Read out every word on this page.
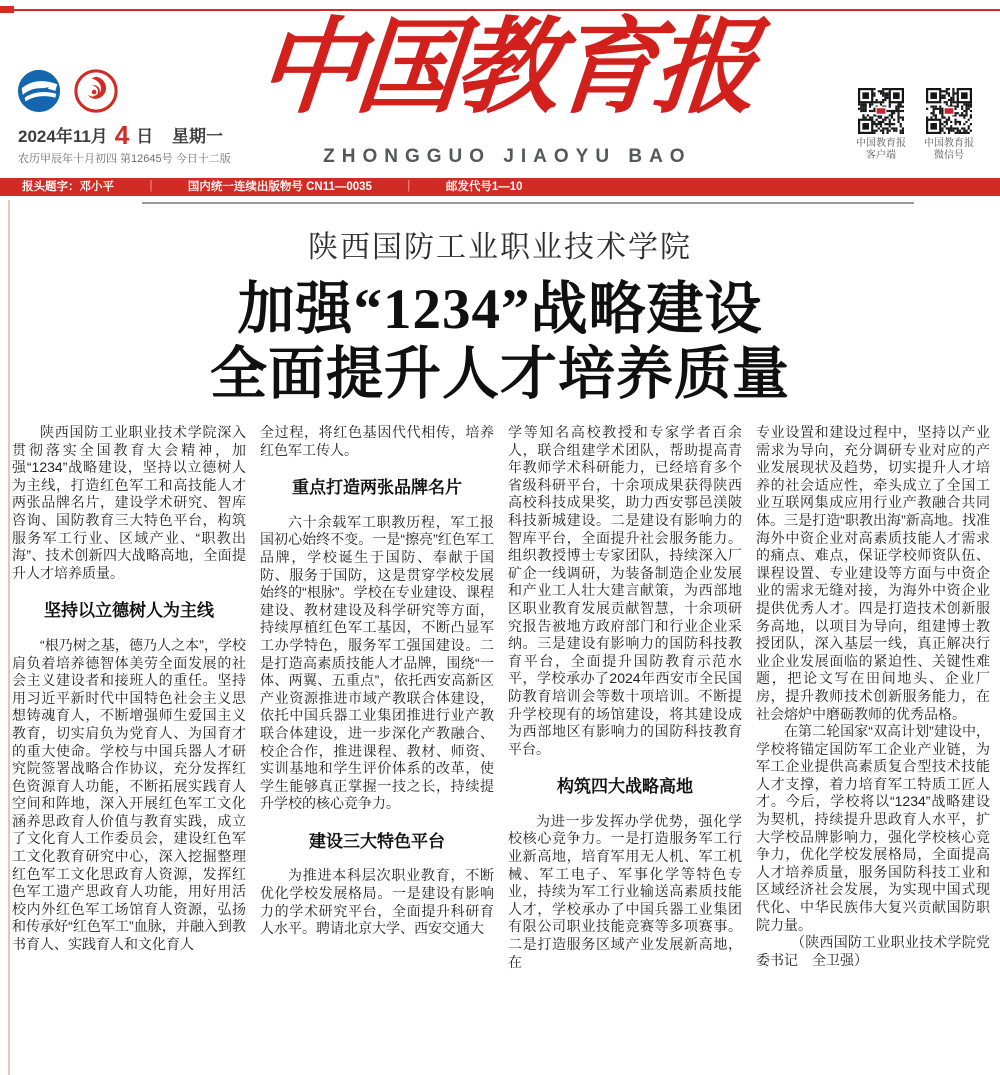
2024年11月 4 日 星期一
农历甲辰年十月初四 第12645号 今日十二版
中国教育报
ZHONGGUO JIAOYU BAO
中国教育报
客户端
中国教育报
微信号
报头题字：邓小平	｜	国内统一连续出版物号 CN11—0035	｜	邮发代号1—10
陕西国防工业职业技术学院
加强“1234”战略建设
全面提升人才培养质量
陕西国防工业职业技术学院深入贯彻落实全国教育大会精神，加强“1234”战略建设，坚持以立德树人为主线，打造红色军工和高技能人才两张品牌名片，建设学术研究、智库咨询、国防教育三大特色平台，构筑服务军工行业、区域产业、“职教出海”、技术创新四大战略高地，全面提升人才培养质量。
坚持以立德树人为主线
“根乃树之基，德乃人之本”，学校肩负着培养德智体美劳全面发展的社会主义建设者和接班人的重任。坚持用习近平新时代中国特色社会主义思想铸魂育人，不断增强师生爱国主义教育，切实肩负为党育人、为国育才的重大使命。学校与中国兵器人才研究院签署战略合作协议，充分发挥红色资源育人功能，不断拓展实践育人空间和阵地，深入开展红色军工文化涵养思政育人价值与教育实践，成立了文化育人工作委员会，建设红色军工文化教育研究中心，深入挖掘整理红色军工文化思政育人资源，发挥红色军工遗产思政育人功能，用好用活校内外红色军工场馆育人资源，弘扬和传承好“红色军工”血脉，并融入到教书育人、实践育人和文化育人
全过程，将红色基因代代相传，培养红色军工传人。
重点打造两张品牌名片
六十余载军工职教历程，军工报国初心始终不变。一是“擦亮”红色军工品牌，学校诞生于国防、奉献于国防、服务于国防，这是贯穿学校发展始终的“根脉”。学校在专业建设、课程建设、教材建设及科学研究等方面，持续厚植红色军工基因，不断凸显军工办学特色，服务军工强国建设。二是打造高素质技能人才品牌，围绕“一体、两翼、五重点”，依托西安高新区产业资源推进市域产教联合体建设，依托中国兵器工业集团推进行业产教联合体建设，进一步深化产教融合、校企合作，推进课程、教材、师资、实训基地和学生评价体系的改革，使学生能够真正掌握一技之长，持续提升学校的核心竞争力。
建设三大特色平台
为推进本科层次职业教育，不断优化学校发展格局。一是建设有影响力的学术研究平台，全面提升科研育人水平。聘请北京大学、西安交通大
学等知名高校教授和专家学者百余人，联合组建学术团队，帮助提高青年教师学术科研能力，已经培育多个省级科研平台，十余项成果获得陕西高校科技成果奖，助力西安鄠邑渼陂科技新城建设。二是建设有影响力的智库平台，全面提升社会服务能力。组织教授博士专家团队，持续深入厂矿企一线调研，为装备制造企业发展和产业工人壮大建言献策，为西部地区职业教育发展贡献智慧，十余项研究报告被地方政府部门和行业企业采纳。三是建设有影响力的国防科技教育平台，全面提升国防教育示范水平，学校承办了2024年西安市全民国防教育培训会等数十项培训。不断提升学校现有的场馆建设，将其建设成为西部地区有影响力的国防科技教育平台。
构筑四大战略高地
为进一步发挥办学优势，强化学校核心竞争力。一是打造服务军工行业新高地，培育军用无人机、军工机械、军工电子、军事化学等特色专业，持续为军工行业输送高素质技能人才，学校承办了中国兵器工业集团有限公司职业技能竞赛等多项赛事。二是打造服务区域产业发展新高地，在
专业设置和建设过程中，坚持以产业需求为导向，充分调研专业对应的产业发展现状及趋势，切实提升人才培养的社会适应性，牵头成立了全国工业互联网集成应用行业产教融合共同体。三是打造“职教出海”新高地。找准海外中资企业对高素质技能人才需求的痛点、难点，保证学校师资队伍、课程设置、专业建设等方面与中资企业的需求无缝对接，为海外中资企业提供优秀人才。四是打造技术创新服务高地，以项目为导向，组建博士教授团队，深入基层一线，真正解决行业企业发展面临的紧迫性、关键性难题，把论文写在田间地头、企业厂房，提升教师技术创新服务能力，在社会熔炉中磨砺教师的优秀品格。
在第二轮国家“双高计划”建设中，学校将锚定国防军工企业产业链，为军工企业提供高素质复合型技术技能人才支撑，着力培育军工特质工匠人才。今后，学校将以“1234”战略建设为契机，持续提升思政育人水平，扩大学校品牌影响力，强化学校核心竞争力，优化学校发展格局，全面提高人才培养质量，服务国防科技工业和区域经济社会发展，为实现中国式现代化、中华民族伟大复兴贡献国防职院力量。
（陕西国防工业职业技术学院党委书记　全卫强）
